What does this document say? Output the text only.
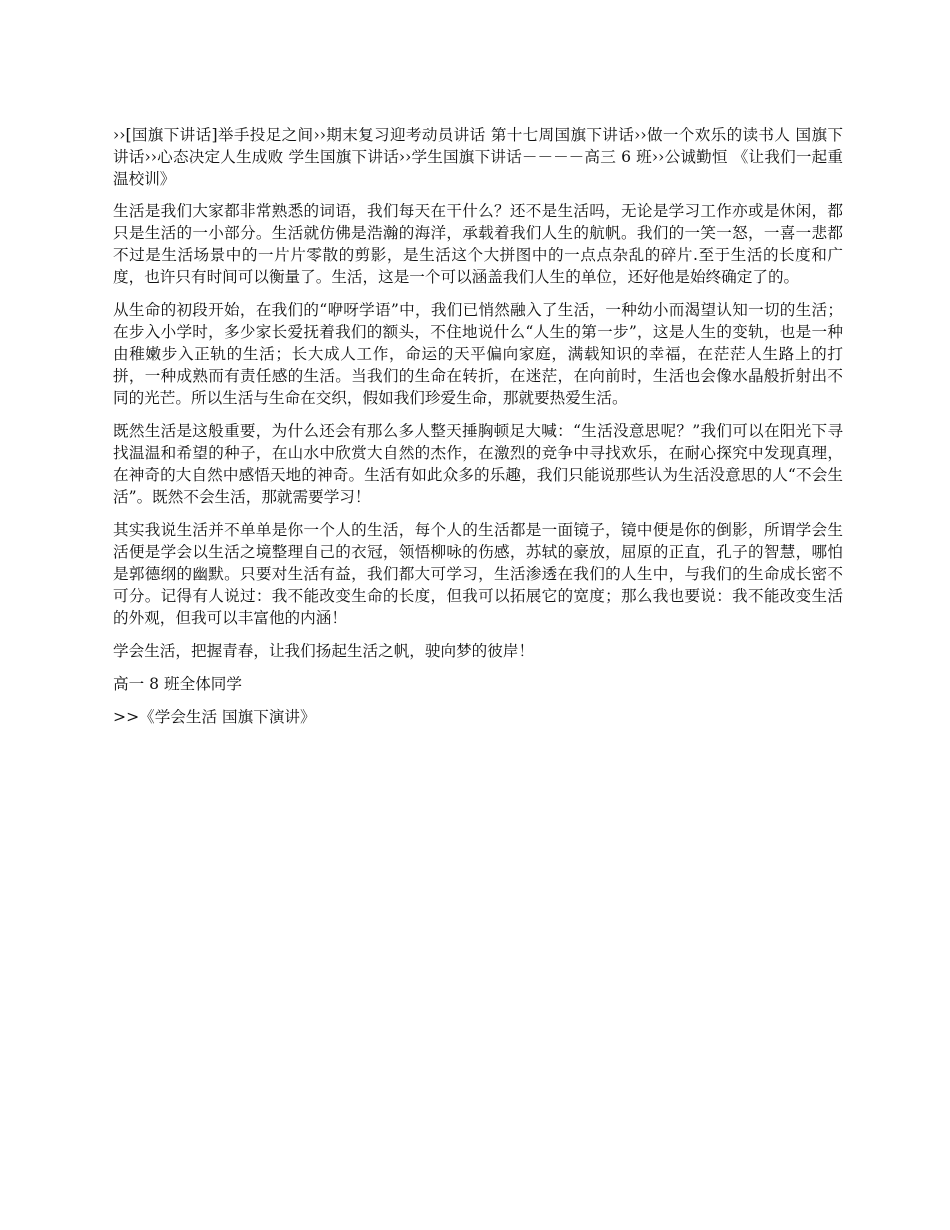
››[国旗下讲话]举手投足之间››期末复习迎考动员讲话 第十七周国旗下讲话››做一个欢乐的读书人 国旗下讲话››心态决定人生成败 学生国旗下讲话››学生国旗下讲话－－－－高三 6 班››公诚勤恒 《让我们一起重温校训》

生活是我们大家都非常熟悉的词语，我们每天在干什么？还不是生活吗，无论是学习工作亦或是休闲，都只是生活的一小部分。生活就仿佛是浩瀚的海洋，承载着我们人生的航帆。我们的一笑一怒，一喜一悲都不过是生活场景中的一片片零散的剪影，是生活这个大拼图中的一点点杂乱的碎片.至于生活的长度和广度，也许只有时间可以衡量了。生活，这是一个可以涵盖我们人生的单位，还好他是始终确定了的。

从生命的初段开始，在我们的“咿呀学语”中，我们已悄然融入了生活，一种幼小而渴望认知一切的生活；在步入小学时，多少家长爱抚着我们的额头，不住地说什么“人生的第一步”，这是人生的变轨，也是一种由稚嫩步入正轨的生活；长大成人工作，命运的天平偏向家庭，满载知识的幸福，在茫茫人生路上的打拼，一种成熟而有责任感的生活。当我们的生命在转折，在迷茫，在向前时，生活也会像水晶般折射出不同的光芒。所以生活与生命在交织，假如我们珍爱生命，那就要热爱生活。

既然生活是这般重要，为什么还会有那么多人整天捶胸顿足大喊：“生活没意思呢？”我们可以在阳光下寻找温温和希望的种子，在山水中欣赏大自然的杰作，在激烈的竞争中寻找欢乐，在耐心探究中发现真理，在神奇的大自然中感悟天地的神奇。生活有如此众多的乐趣，我们只能说那些认为生活没意思的人“不会生活”。既然不会生活，那就需要学习！

其实我说生活并不单单是你一个人的生活，每个人的生活都是一面镜子，镜中便是你的倒影，所谓学会生活便是学会以生活之境整理自己的衣冠，领悟柳咏的伤感，苏轼的豪放，屈原的正直，孔子的智慧，哪怕是郭德纲的幽默。只要对生活有益，我们都大可学习，生活渗透在我们的人生中，与我们的生命成长密不可分。记得有人说过：我不能改变生命的长度，但我可以拓展它的宽度；那么我也要说：我不能改变生活的外观，但我可以丰富他的内涵！

学会生活，把握青春，让我们扬起生活之帆，驶向梦的彼岸！

高一 8 班全体同学

>>《学会生活 国旗下演讲》
